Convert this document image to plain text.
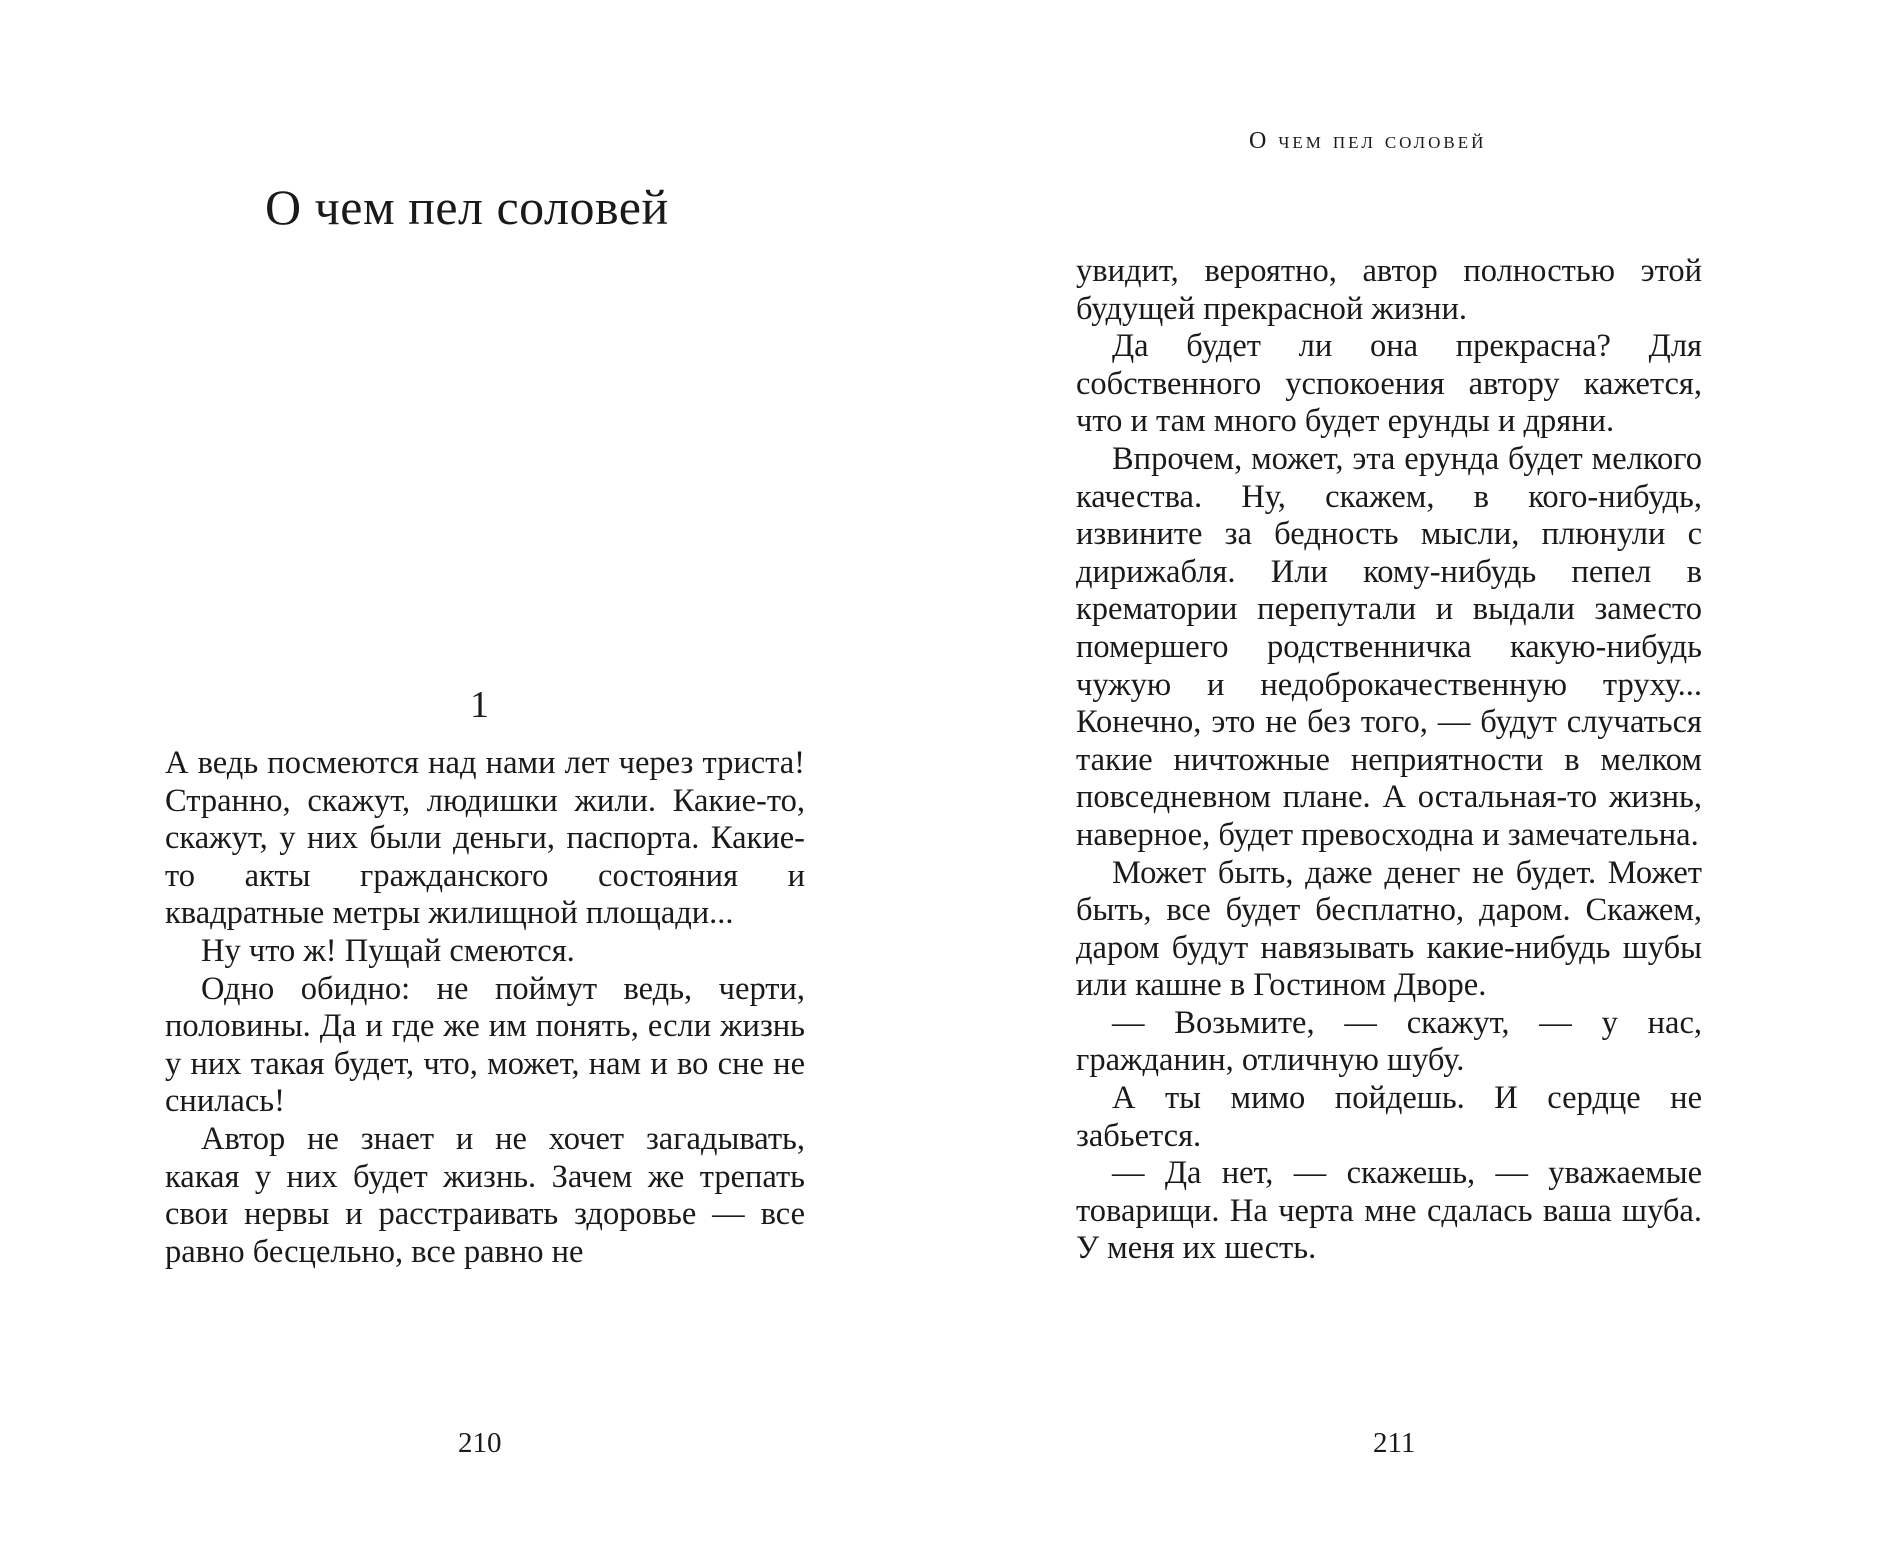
О чем пел соловей
1

А ведь посмеются над нами лет через триста! Странно, скажут, людишки жили. Какие-то, скажут, у них были деньги, паспорта. Какие-то акты гражданского состояния и квадратные метры жилищной площади...

Ну что ж! Пущай смеются.

Одно обидно: не поймут ведь, черти, половины. Да и где же им понять, если жизнь у них такая будет, что, может, нам и во сне не снилась!

Автор не знает и не хочет загадывать, какая у них будет жизнь. Зачем же трепать свои нервы и расстраивать здоровье — все равно бесцельно, все равно не

210
О чем пел соловей

увидит, вероятно, автор полностью этой будущей прекрасной жизни.

Да будет ли она прекрасна? Для собственного успокоения автору кажется, что и там много будет ерунды и дряни.

Впрочем, может, эта ерунда будет мелкого качества. Ну, скажем, в кого-нибудь, извините за бедность мысли, плюнули с дирижабля. Или кому-нибудь пепел в крематории перепутали и выдали заместо помершего родственничка какую-нибудь чужую и недоброкачественную труху... Конечно, это не без того, — будут случаться такие ничтожные неприятности в мелком повседневном плане. А остальная-то жизнь, наверное, будет превосходна и замечательна.

Может быть, даже денег не будет. Может быть, все будет бесплатно, даром. Скажем, даром будут навязывать какие-нибудь шубы или кашне в Гостином Дворе.

— Возьмите, — скажут, — у нас, гражданин, отличную шубу.

А ты мимо пойдешь. И сердце не забьется.

— Да нет, — скажешь, — уважаемые товарищи. На черта мне сдалась ваша шуба. У меня их шесть.

211
